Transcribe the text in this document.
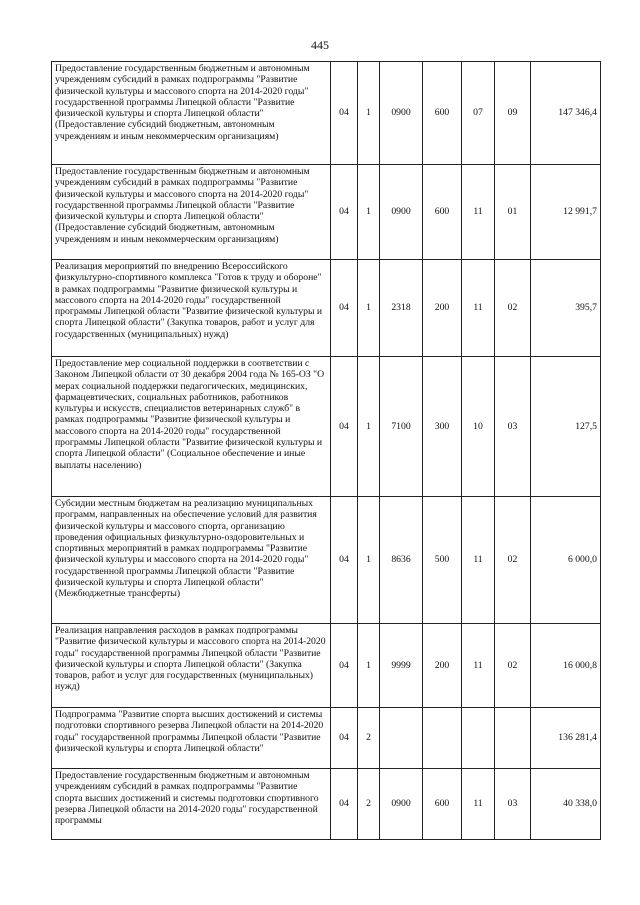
445
Предоставление государственным бюджетным и автономным учреждениям субсидий в рамках подпрограммы "Развитие физической культуры и массового спорта на 2014-2020 годы" государственной программы Липецкой области "Развитие физической культуры и спорта Липецкой области" (Предоставление субсидий бюджетным, автономным учреждениям и иным некоммерческим организациям)	04	1	0900	600	07	09	147 346,4
Предоставление государственным бюджетным и автономным учреждениям субсидий в рамках подпрограммы "Развитие физической культуры и массового спорта на 2014-2020 годы" государственной программы Липецкой области "Развитие физической культуры и спорта Липецкой области" (Предоставление субсидий бюджетным, автономным учреждениям и иным некоммерческим организациям)	04	1	0900	600	11	01	12 991,7
Реализация мероприятий по внедрению Всероссийского физкультурно-спортивного комплекса "Готов к труду и обороне" в рамках подпрограммы "Развитие физической культуры и массового спорта на 2014-2020 годы" государственной программы Липецкой области "Развитие физической культуры и спорта Липецкой области" (Закупка товаров, работ и услуг для государственных (муниципальных) нужд)	04	1	2318	200	11	02	395,7
Предоставление мер социальной поддержки в соответствии с Законом Липецкой области от 30 декабря 2004 года № 165-ОЗ "О мерах социальной поддержки педагогических, медицинских, фармацевтических, социальных работников, работников культуры и искусств, специалистов ветеринарных служб" в рамках подпрограммы "Развитие физической культуры и массового спорта на 2014-2020 годы" государственной программы Липецкой области "Развитие физической культуры и спорта Липецкой области" (Социальное обеспечение и иные выплаты населению)	04	1	7100	300	10	03	127,5
Субсидии местным бюджетам на реализацию муниципальных программ, направленных на обеспечение условий для развития физической культуры и массового спорта, организацию проведения официальных физкультурно-оздоровительных и спортивных мероприятий в рамках подпрограммы "Развитие физической культуры и массового спорта на 2014-2020 годы" государственной программы Липецкой области "Развитие физической культуры и спорта Липецкой области" (Межбюджетные трансферты)	04	1	8636	500	11	02	6 000,0
Реализация направления расходов в рамках подпрограммы "Развитие физической культуры и массового спорта на 2014-2020 годы" государственной программы Липецкой области "Развитие физической культуры и спорта Липецкой области" (Закупка товаров, работ и услуг для государственных (муниципальных) нужд)	04	1	9999	200	11	02	16 000,8
Подпрограмма "Развитие спорта высших достижений и системы подготовки спортивного резерва Липецкой области на 2014-2020 годы" государственной программы Липецкой области "Развитие физической культуры и спорта Липецкой области"	04	2					136 281,4
Предоставление государственным бюджетным и автономным учреждениям субсидий в рамках подпрограммы "Развитие спорта высших достижений и системы подготовки спортивного резерва Липецкой области на 2014-2020 годы" государственной программы	04	2	0900	600	11	03	40 338,0
